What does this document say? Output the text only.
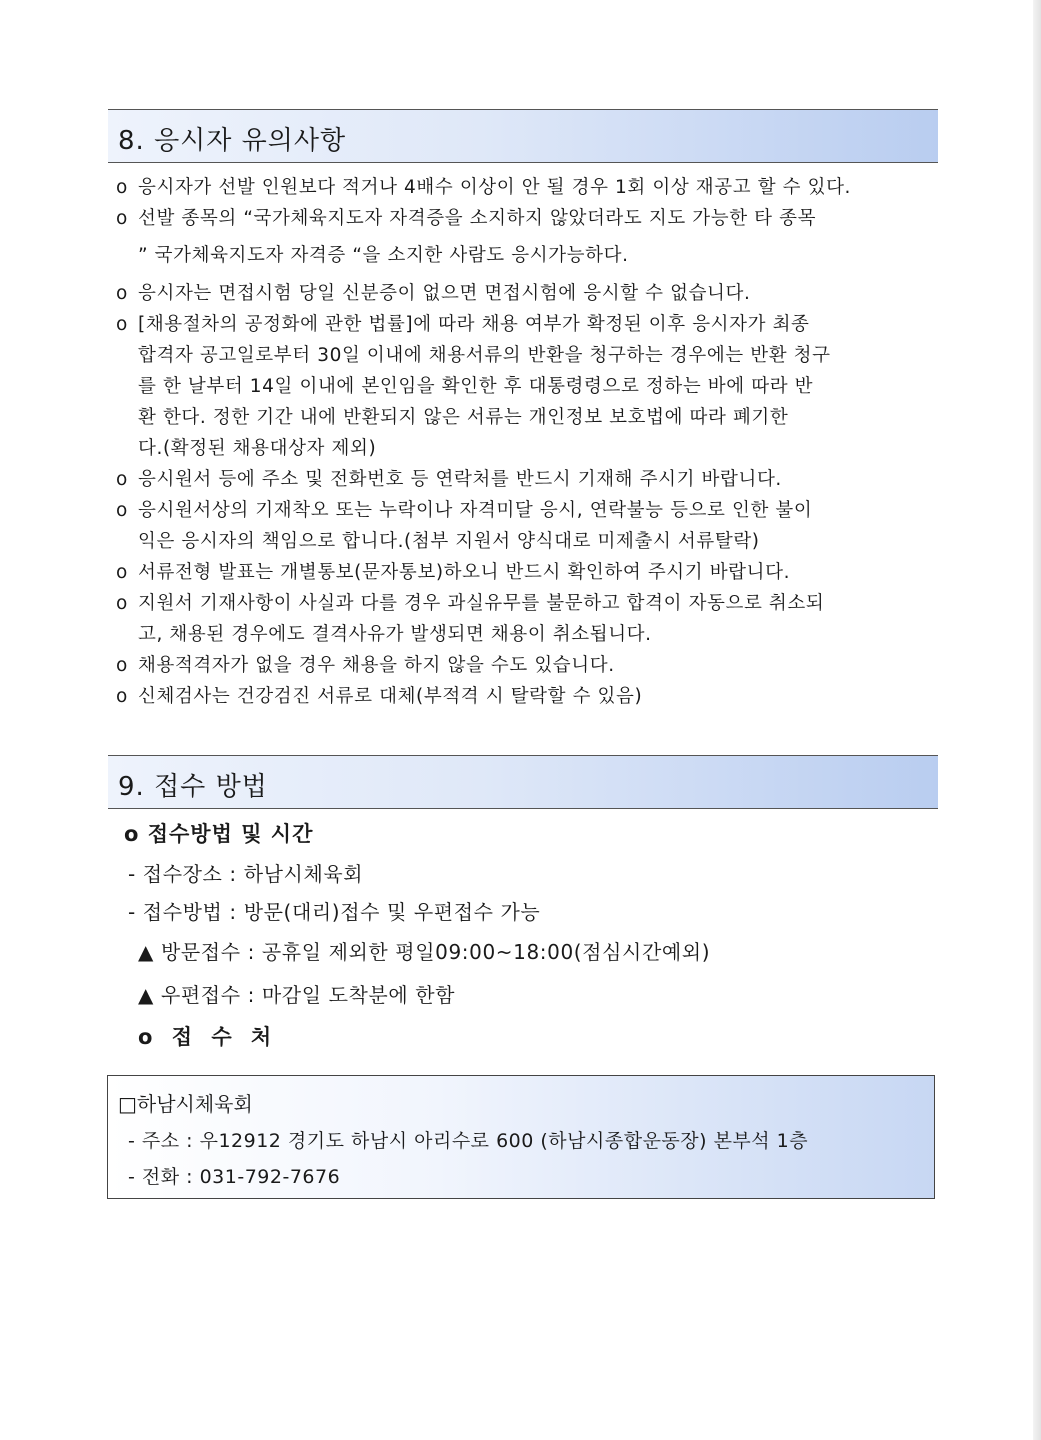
8. 응시자 유의사항
o 응시자가 선발 인원보다 적거나 4배수 이상이 안 될 경우 1회 이상 재공고 할 수 있다.
o 선발 종목의 “국가체육지도자 자격증을 소지하지 않았더라도 지도 가능한 타 종목
” 국가체육지도자 자격증 “을 소지한 사람도 응시가능하다.
o 응시자는 면접시험 당일 신분증이 없으면 면접시험에 응시할 수 없습니다.
o [채용절차의 공정화에 관한 법률]에 따라 채용 여부가 확정된 이후 응시자가 최종
합격자 공고일로부터 30일 이내에 채용서류의 반환을 청구하는 경우에는 반환 청구
를 한 날부터 14일 이내에 본인임을 확인한 후 대통령령으로 정하는 바에 따라 반
환 한다. 정한 기간 내에 반환되지 않은 서류는 개인정보 보호법에 따라 폐기한
다.(확정된 채용대상자 제외)
o 응시원서 등에 주소 및 전화번호 등 연락처를 반드시 기재해 주시기 바랍니다.
o 응시원서상의 기재착오 또는 누락이나 자격미달 응시, 연락불능 등으로 인한 불이
익은 응시자의 책임으로 합니다.(첨부 지원서 양식대로 미제출시 서류탈락)
o 서류전형 발표는 개별통보(문자통보)하오니 반드시 확인하여 주시기 바랍니다.
o 지원서 기재사항이 사실과 다를 경우 과실유무를 불문하고 합격이 자동으로 취소되
고, 채용된 경우에도 결격사유가 발생되면 채용이 취소됩니다.
o 채용적격자가 없을 경우 채용을 하지 않을 수도 있습니다.
o 신체검사는 건강검진 서류로 대체(부적격 시 탈락할 수 있음)
9. 접수 방법
o 접수방법 및 시간
- 접수장소 : 하남시체육회
- 접수방법 : 방문(대리)접수 및 우편접수 가능
▲ 방문접수 : 공휴일 제외한 평일09:00~18:00(점심시간예외)
▲ 우편접수 : 마감일 도착분에 한함
o 접 수 처
□하남시체육회
- 주소 : 우12912 경기도 하남시 아리수로 600 (하남시종합운동장) 본부석 1층
- 전화 : 031-792-7676
